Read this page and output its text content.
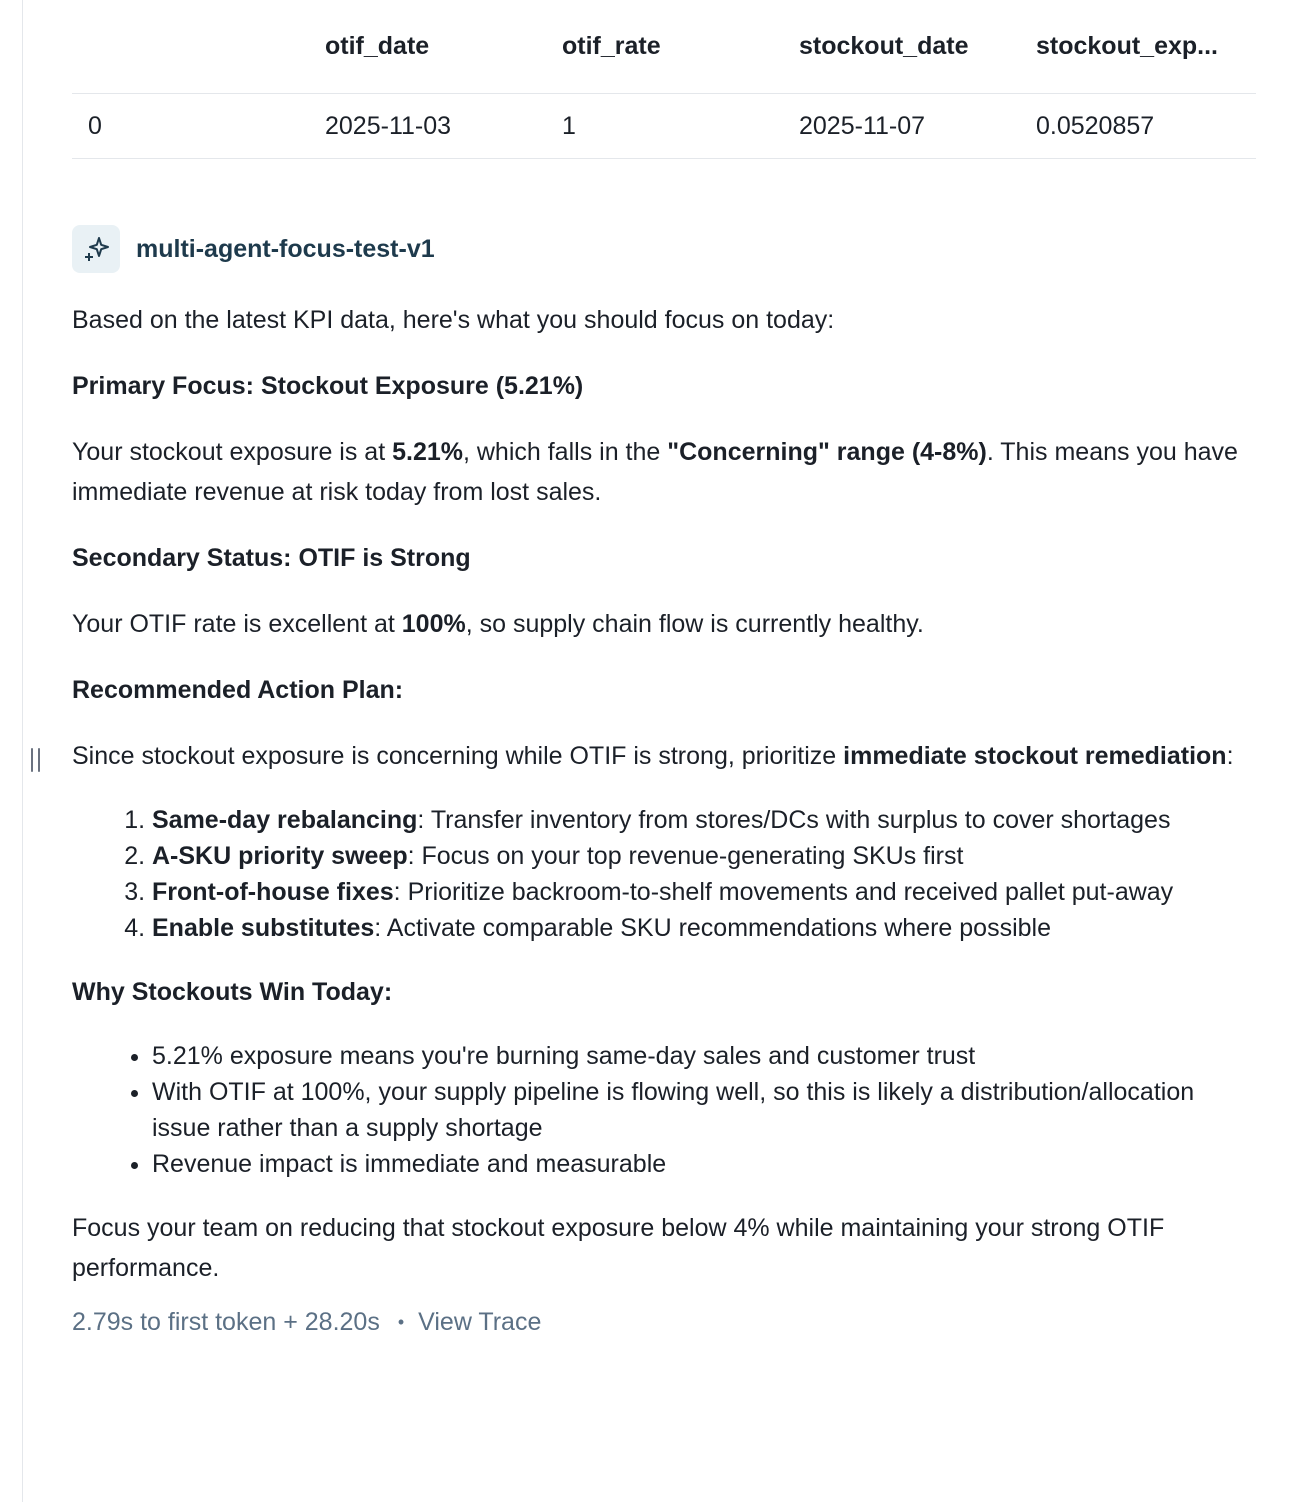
	otif_date	otif_rate	stockout_date	stockout_exp...
0	2025-11-03	1	2025-11-07	0.0520857
multi-agent-focus-test-v1

Based on the latest KPI data, here's what you should focus on today:

Primary Focus: Stockout Exposure (5.21%)

Your stockout exposure is at 5.21%, which falls in the "Concerning" range (4-8%). This means you have immediate revenue at risk today from lost sales.

Secondary Status: OTIF is Strong

Your OTIF rate is excellent at 100%, so supply chain flow is currently healthy.

Recommended Action Plan:

Since stockout exposure is concerning while OTIF is strong, prioritize immediate stockout remediation:

1. Same-day rebalancing: Transfer inventory from stores/DCs with surplus to cover shortages
2. A-SKU priority sweep: Focus on your top revenue-generating SKUs first
3. Front-of-house fixes: Prioritize backroom-to-shelf movements and received pallet put-away
4. Enable substitutes: Activate comparable SKU recommendations where possible

Why Stockouts Win Today:

• 5.21% exposure means you're burning same-day sales and customer trust
• With OTIF at 100%, your supply pipeline is flowing well, so this is likely a distribution/allocation issue rather than a supply shortage
• Revenue impact is immediate and measurable

Focus your team on reducing that stockout exposure below 4% while maintaining your strong OTIF performance.

2.79s to first token + 28.20s • View Trace
